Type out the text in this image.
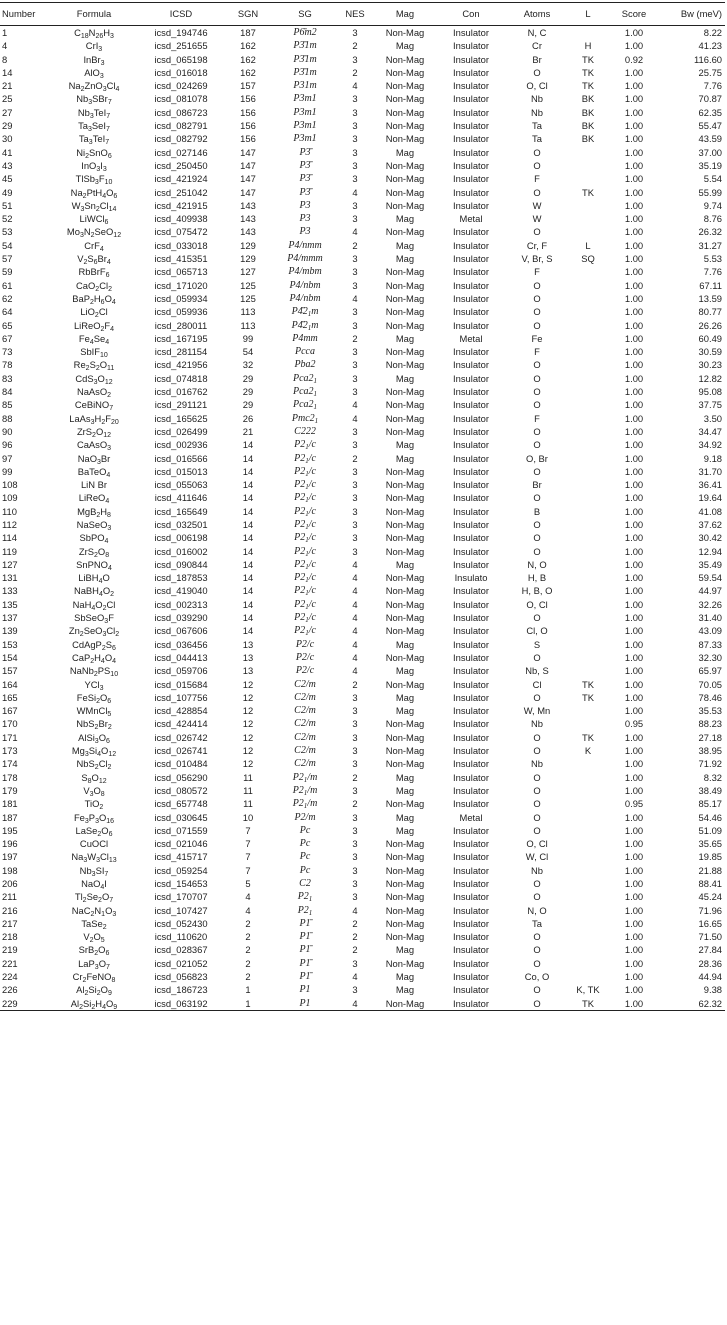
Number	Formula	ICSD	SGN	SG	NES	Mag	Con	Atoms	L	Score	Bw (meV)
1	$C_{18}N_{26}H_3$	icsd_194746	187	P6̄m2	3	Non-Mag	Insulator	N, C		1.00	8.22
4	CrI$_3$	icsd_251655	162	P3̄1m	2	Mag	Insulator	Cr	H	1.00	41.23
8	InBr$_3$	icsd_065198	162	P3̄1m	3	Non-Mag	Insulator	Br	TK	0.92	116.60
14	AlO$_3$	icsd_016018	162	P3̄1m	2	Non-Mag	Insulator	O	TK	1.00	25.75
21	$Na_2ZnO_3Cl_4$	icsd_024269	157	P31m	4	Non-Mag	Insulator	O, Cl	TK	1.00	7.76
25	$Nb_3SBr_7$	icsd_081078	156	P3m1	3	Non-Mag	Insulator	Nb	BK	1.00	70.87
27	$Nb_3TeI_7$	icsd_086723	156	P3m1	3	Non-Mag	Insulator	Nb	BK	1.00	62.35
29	$Ta_3SeI_7$	icsd_082791	156	P3m1	3	Non-Mag	Insulator	Ta	BK	1.00	55.47
30	$Ta_3TeI_7$	icsd_082792	156	P3m1	3	Non-Mag	Insulator	Ta	BK	1.00	43.59
41	$Ni_2SnO_6$	icsd_027146	147	P3̄	3	Mag	Insulator	O		1.00	37.00
43	$InO_3I_3$	icsd_250450	147	P3̄	3	Non-Mag	Insulator	O		1.00	35.19
45	$TlSb_3F_{10}$	icsd_421924	147	P3̄	3	Non-Mag	Insulator	F		1.00	5.54
49	$Na_2PtH_4O_6$	icsd_251042	147	P3̄	4	Non-Mag	Insulator	O	TK	1.00	55.99
51	$W_3Sn_2Cl_{14}$	icsd_421915	143	P3	3	Non-Mag	Insulator	W		1.00	9.74
52	LiWCl$_6$	icsd_409938	143	P3	3	Mag	Metal	W		1.00	8.76
53	$Mo_3N_2SeO_{12}$	icsd_075472	143	P3	4	Non-Mag	Insulator	O		1.00	26.32
54	CrF$_4$	icsd_033018	129	P4/nmm	2	Mag	Insulator	Cr, F	L	1.00	31.27
57	$V_2S_6Br_4$	icsd_415351	129	P4/mmm	3	Mag	Insulator	V, Br, S	SQ	1.00	5.53
59	RbBrF$_6$	icsd_065713	127	P4/mbm	3	Non-Mag	Insulator	F		1.00	7.76
61	$CaO_2Cl_2$	icsd_171020	125	P4/nbm	3	Non-Mag	Insulator	O		1.00	67.11
62	$BaP_2H_6O_4$	icsd_059934	125	P4/nbm	4	Non-Mag	Insulator	O		1.00	13.59
64	LiO$_2$Cl	icsd_059936	113	$P4̄2_1m$	3	Non-Mag	Insulator	O		1.00	80.77
65	$LiReO_2F_4$	icsd_280011	113	$P4̄2_1m$	3	Non-Mag	Insulator	O		1.00	26.26
67	$Fe_4Se_4$	icsd_167195	99	P4mm	2	Mag	Metal	Fe		1.00	60.49
73	SbIF$_{10}$	icsd_281154	54	Pcca	3	Non-Mag	Insulator	F		1.00	30.59
78	$Re_2S_2O_{11}$	icsd_421956	32	Pba2	3	Non-Mag	Insulator	O		1.00	30.23
83	$CdS_3O_{12}$	icsd_074818	29	$Pca2_1$	3	Mag	Insulator	O		1.00	12.82
84	NaAsO$_2$	icsd_016762	29	$Pca2_1$	3	Non-Mag	Insulator	O		1.00	95.08
85	CeBiNO$_7$	icsd_291121	29	$Pca2_1$	4	Non-Mag	Insulator	O		1.00	37.75
88	$LaAs_3H_2F_{20}$	icsd_165625	26	$Pmc2_1$	4	Non-Mag	Insulator	F		1.00	3.50
90	$ZrS_2O_{12}$	icsd_026499	21	C222	3	Non-Mag	Insulator	O		1.00	34.47
96	CaAsO$_3$	icsd_002936	14	$P2_1/c$	3	Mag	Insulator	O		1.00	34.92
97	NaO$_3$Br	icsd_016566	14	$P2_1/c$	2	Mag	Insulator	O, Br		1.00	9.18
99	BaTeO$_4$	icsd_015013	14	$P2_1/c$	3	Non-Mag	Insulator	O		1.00	31.70
108	LiN Br	icsd_055063	14	$P2_1/c$	3	Non-Mag	Insulator	Br		1.00	36.41
109	LiReO$_4$	icsd_411646	14	$P2_1/c$	3	Non-Mag	Insulator	O		1.00	19.64
110	$MgB_2H_8$	icsd_165649	14	$P2_1/c$	3	Non-Mag	Insulator	B		1.00	41.08
112	NaSeO$_3$	icsd_032501	14	$P2_1/c$	3	Non-Mag	Insulator	O		1.00	37.62
114	SbPO$_4$	icsd_006198	14	$P2_1/c$	3	Non-Mag	Insulator	O		1.00	30.42
119	$ZrS_2O_8$	icsd_016002	14	$P2_1/c$	3	Non-Mag	Insulator	O		1.00	12.94
127	SnPNO$_4$	icsd_090844	14	$P2_1/c$	4	Mag	Insulator	N, O		1.00	35.49
131	LiBH$_4$O	icsd_187853	14	$P2_1/c$	4	Non-Mag	Insulato	H, B		1.00	59.54
133	$NaBH_4O_2$	icsd_419040	14	$P2_1/c$	4	Non-Mag	Insulator	H, B, O		1.00	44.97
135	$NaH_4O_2Cl$	icsd_002313	14	$P2_1/c$	4	Non-Mag	Insulator	O, Cl		1.00	32.26
137	SbSeO$_3$F	icsd_039290	14	$P2_1/c$	4	Non-Mag	Insulator	O		1.00	31.40
139	$Zn_2SeO_3Cl_2$	icsd_067606	14	$P2_1/c$	4	Non-Mag	Insulator	Cl, O		1.00	43.09
153	$CdAgP_2S_6$	icsd_036456	13	P2/c	4	Mag	Insulator	S		1.00	87.33
154	$CaP_2H_4O_4$	icsd_044413	13	P2/c	4	Non-Mag	Insulator	O		1.00	32.30
157	$NaNb_2PS_{10}$	icsd_059706	13	P2/c	4	Mag	Insulator	Nb, S		1.00	65.97
164	YCl$_3$	icsd_015684	12	C2/m	2	Non-Mag	Insulator	Cl	TK	1.00	70.05
165	$FeSi_2O_6$	icsd_107756	12	C2/m	3	Mag	Insulator	O	TK	1.00	78.46
167	WMnCl$_5$	icsd_428854	12	C2/m	3	Mag	Insulator	W, Mn		1.00	35.53
170	$NbS_2Br_2$	icsd_424414	12	C2/m	3	Non-Mag	Insulator	Nb		0.95	88.23
171	$AlSi_3O_6$	icsd_026742	12	C2/m	3	Non-Mag	Insulator	O	TK	1.00	27.18
173	$Mg_3Si_4O_{12}$	icsd_026741	12	C2/m	3	Non-Mag	Insulator	O	K	1.00	38.95
174	$NbS_2Cl_2$	icsd_010484	12	C2/m	3	Non-Mag	Insulator	Nb		1.00	71.92
178	$S_8O_{12}$	icsd_056290	11	$P2_1/m$	2	Mag	Insulator	O		1.00	8.32
179	$V_3O_8$	icsd_080572	11	$P2_1/m$	3	Mag	Insulator	O		1.00	38.49
181	TiO$_2$	icsd_657748	11	$P2_1/m$	2	Non-Mag	Insulator	O		0.95	85.17
187	$Fe_3P_3O_{16}$	icsd_030645	10	P2/m	3	Mag	Metal	O		1.00	54.46
195	$LaSe_2O_6$	icsd_071559	7	Pc	3	Mag	Insulator	O		1.00	51.09
196	CuOCl	icsd_021046	7	Pc	3	Non-Mag	Insulator	O, Cl		1.00	35.65
197	$Na_3W_3Cl_{13}$	icsd_415717	7	Pc	3	Non-Mag	Insulator	W, Cl		1.00	19.85
198	$Nb_3SI_7$	icsd_059254	7	Pc	3	Non-Mag	Insulator	Nb		1.00	21.88
206	NaO$_4$I	icsd_154653	5	C2	3	Non-Mag	Insulator	O		1.00	88.41
211	$Tl_2Se_2O_7$	icsd_170707	4	$P2_1$	3	Non-Mag	Insulator	O		1.00	45.24
216	$NaC_2N_1O_3$	icsd_107427	4	$P2_1$	4	Non-Mag	Insulator	N, O		1.00	71.96
217	TaSe$_2$	icsd_052430	2	P1̄	2	Non-Mag	Insulator	Ta		1.00	16.65
218	$V_2O_5$	icsd_110620	2	P1̄	2	Non-Mag	Insulator	O		1.00	71.50
219	$SrB_2O_6$	icsd_028367	2	P1̄	2	Mag	Insulator	O		1.00	27.84
221	$LaP_3O_7$	icsd_021052	2	P1̄	3	Non-Mag	Insulator	O		1.00	28.36
224	$Cr_2FeNO_8$	icsd_056823	2	P1̄	4	Mag	Insulator	Co, O		1.00	44.94
226	$Al_2Si_2O_9$	icsd_186723	1	P1	3	Mag	Insulator	O	K, TK	1.00	9.38
229	$Al_2Si_2H_4O_9$	icsd_063192	1	P1	4	Non-Mag	Insulator	O	TK	1.00	62.32
